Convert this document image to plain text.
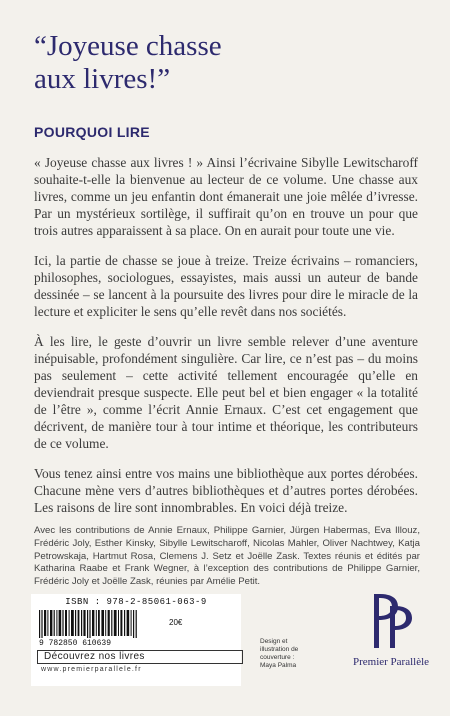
“Joyeuse chasse
aux livres!”
POURQUOI LIRE

« Joyeuse chasse aux livres ! » Ainsi l’écrivaine Sibylle Lewitscharoff souhaite-t-elle la bienvenue au lecteur de ce volume. Une chasse aux livres, comme un jeu enfantin dont émanerait une joie mêlée d’ivresse. Par un mystérieux sortilège, il suffirait qu’on en trouve un pour que trois autres apparaissent à sa place. On en aurait pour toute une vie.

Ici, la partie de chasse se joue à treize. Treize écrivains – romanciers, philosophes, sociologues, essayistes, mais aussi un auteur de bande dessinée – se lancent à la poursuite des livres pour dire le miracle de la lecture et expliciter le sens qu’elle revêt dans nos sociétés.

À les lire, le geste d’ouvrir un livre semble relever d’une aventure inépuisable, profondément singulière. Car lire, ce n’est pas – du moins pas seulement – cette activité tellement encouragée qu’elle en deviendrait presque suspecte. Elle peut bel et bien engager « la totalité de l’être », comme l’écrit Annie Ernaux. C’est cet engagement que décrivent, de manière tour à tour intime et théorique, les contributeurs de ce volume.

Vous tenez ainsi entre vos mains une bibliothèque aux portes dérobées. Chacune mène vers d’autres bibliothèques et d’autres portes dérobées. Les raisons de lire sont innombrables. En voici déjà treize.

Avec les contributions de Annie Ernaux, Philippe Garnier, Jürgen Habermas, Eva Illouz, Frédéric Joly, Esther Kinsky, Sibylle Lewitscharoff, Nicolas Mahler, Oliver Nachtwey, Katja Petrowskaja, Hartmut Rosa, Clemens J. Setz et Joëlle Zask. Textes réunis et édités par Katharina Raabe et Frank Wegner, à l’exception des contributions de Philippe Garnier, Frédéric Joly et Joëlle Zask, réunies par Amélie Petit.
ISBN : 978-2-85061-063-9
9 782850 610639
20€
Découvrez nos livres
www.premierparallele.fr
Design et
illustration de
couverture :
Maya Palma	Premier Parallèle
